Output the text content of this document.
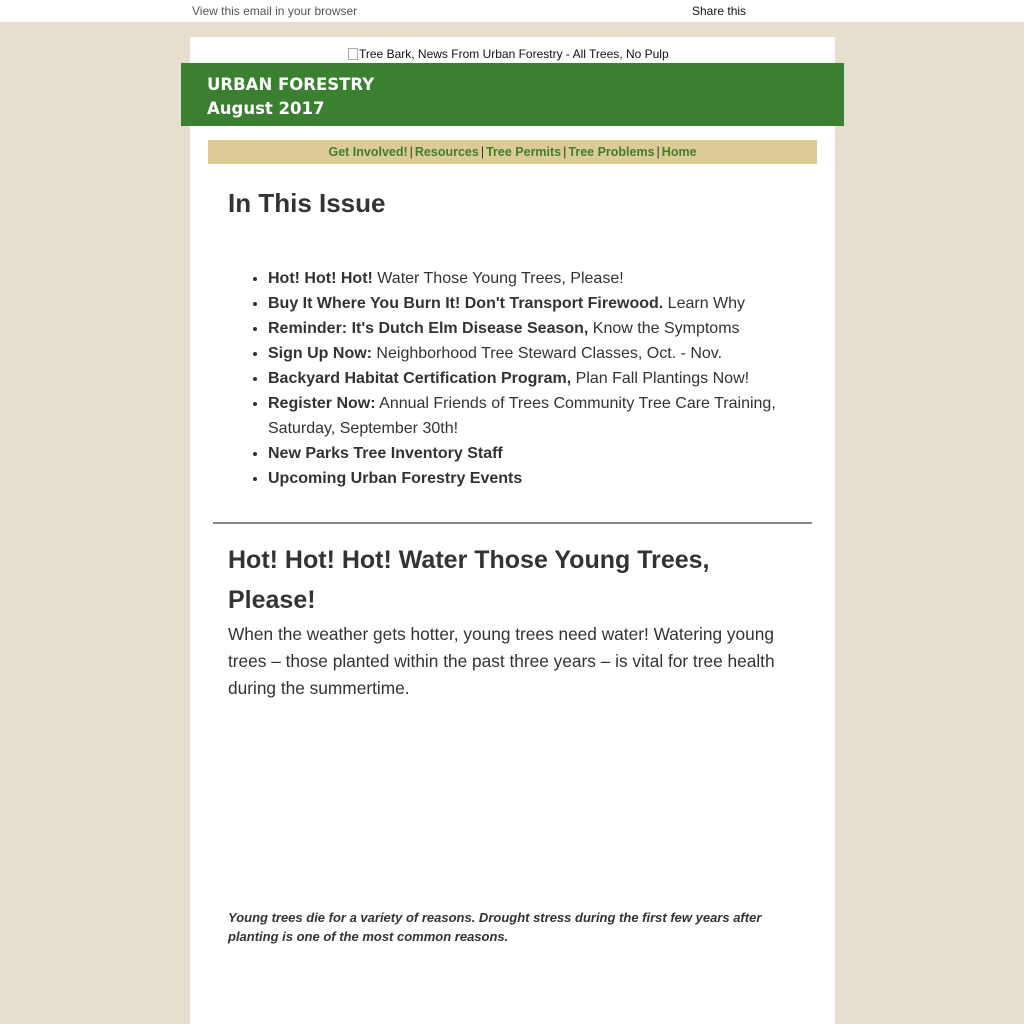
View this email in your browser	Share this
Tree Bark, News From Urban Forestry - All Trees, No Pulp
URBAN FORESTRY
August 2017
Get Involved! | Resources | Tree Permits | Tree Problems | Home
In This Issue
• Hot! Hot! Hot! Water Those Young Trees, Please!
• Buy It Where You Burn It! Don't Transport Firewood. Learn Why
• Reminder: It's Dutch Elm Disease Season, Know the Symptoms
• Sign Up Now: Neighborhood Tree Steward Classes, Oct. - Nov.
• Backyard Habitat Certification Program, Plan Fall Plantings Now!
• Register Now: Annual Friends of Trees Community Tree Care Training, Saturday, September 30th!
• New Parks Tree Inventory Staff
• Upcoming Urban Forestry Events
Hot! Hot! Hot! Water Those Young Trees, Please!

When the weather gets hotter, young trees need water! Watering young trees – those planted within the past three years – is vital for tree health during the summertime.

Young trees die for a variety of reasons. Drought stress during the first few years after planting is one of the most common reasons.
